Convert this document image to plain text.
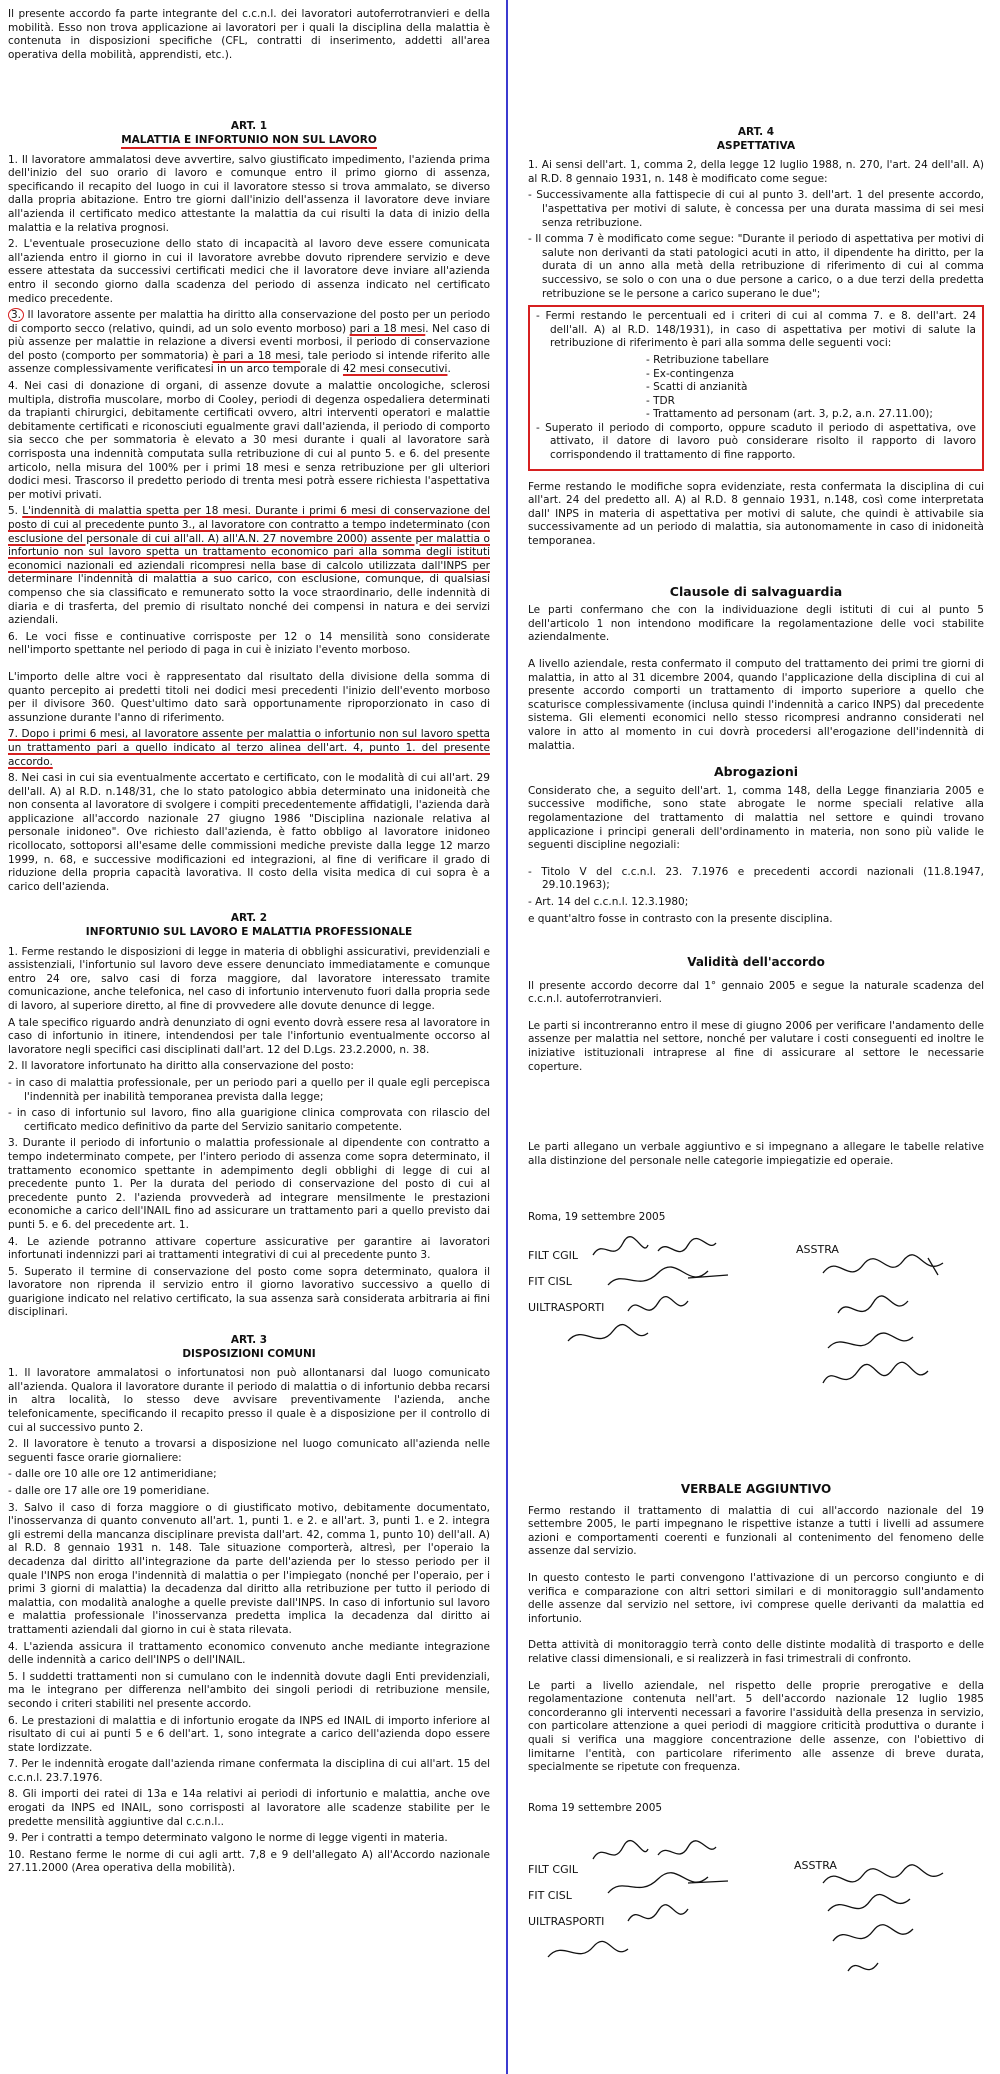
Il presente accordo fa parte integrante del c.c.n.l. dei lavoratori autoferrotranvieri e della mobilità. Esso non trova applicazione ai lavoratori per i quali la disciplina della malattia è contenuta in disposizioni specifiche (CFL, contratti di inserimento, addetti all'area operativa della mobilità, apprendisti, etc.).

ART. 1
MALATTIA E INFORTUNIO NON SUL LAVORO

1. Il lavoratore ammalatosi deve avvertire, salvo giustificato impedimento, l'azienda prima dell'inizio del suo orario di lavoro e comunque entro il primo giorno di assenza, specificando il recapito del luogo in cui il lavoratore stesso si trova ammalato, se diverso dalla propria abitazione. Entro tre giorni dall'inizio dell'assenza il lavoratore deve inviare all'azienda il certificato medico attestante la malattia da cui risulti la data di inizio della malattia e la relativa prognosi.

2. L'eventuale prosecuzione dello stato di incapacità al lavoro deve essere comunicata all'azienda entro il giorno in cui il lavoratore avrebbe dovuto riprendere servizio e deve essere attestata da successivi certificati medici che il lavoratore deve inviare all'azienda entro il secondo giorno dalla scadenza del periodo di assenza indicato nel certificato medico precedente.

3. Il lavoratore assente per malattia ha diritto alla conservazione del posto per un periodo di comporto secco (relativo, quindi, ad un solo evento morboso) pari a 18 mesi. Nel caso di più assenze per malattie in relazione a diversi eventi morbosi, il periodo di conservazione del posto (comporto per sommatoria) è pari a 18 mesi, tale periodo si intende riferito alle assenze complessivamente verificatesi in un arco temporale di 42 mesi consecutivi.

4. Nei casi di donazione di organi, di assenze dovute a malattie oncologiche, sclerosi multipla, distrofia muscolare, morbo di Cooley, periodi di degenza ospedaliera determinati da trapianti chirurgici, debitamente certificati ovvero, altri interventi operatori e malattie debitamente certificati e riconosciuti egualmente gravi dall'azienda, il periodo di comporto sia secco che per sommatoria è elevato a 30 mesi durante i quali al lavoratore sarà corrisposta una indennità computata sulla retribuzione di cui al punto 5. e 6. del presente articolo, nella misura del 100% per i primi 18 mesi e senza retribuzione per gli ulteriori dodici mesi. Trascorso il predetto periodo di trenta mesi potrà essere richiesta l'aspettativa per motivi privati.

5. L'indennità di malattia spetta per 18 mesi. Durante i primi 6 mesi di conservazione del posto di cui al precedente punto 3., al lavoratore con contratto a tempo indeterminato (con esclusione del personale di cui all'all. A) all'A.N. 27 novembre 2000) assente per malattia o infortunio non sul lavoro spetta un trattamento economico pari alla somma degli istituti economici nazionali ed aziendali ricompresi nella base di calcolo utilizzata dall'INPS per determinare l'indennità di malattia a suo carico, con esclusione, comunque, di qualsiasi compenso che sia classificato e remunerato sotto la voce straordinario, delle indennità di diaria e di trasferta, del premio di risultato nonché dei compensi in natura e dei servizi aziendali.

6. Le voci fisse e continuative corrisposte per 12 o 14 mensilità sono considerate nell'importo spettante nel periodo di paga in cui è iniziato l'evento morboso.

L'importo delle altre voci è rappresentato dal risultato della divisione della somma di quanto percepito ai predetti titoli nei dodici mesi precedenti l'inizio dell'evento morboso per il divisore 360. Quest'ultimo dato sarà opportunamente riproporzionato in caso di assunzione durante l'anno di riferimento.

7. Dopo i primi 6 mesi, al lavoratore assente per malattia o infortunio non sul lavoro spetta un trattamento pari a quello indicato al terzo alinea dell'art. 4, punto 1. del presente accordo.

8. Nei casi in cui sia eventualmente accertato e certificato, con le modalità di cui all'art. 29 dell'all. A) al R.D. n.148/31, che lo stato patologico abbia determinato una inidoneità che non consenta al lavoratore di svolgere i compiti precedentemente affidatigli, l'azienda darà applicazione all'accordo nazionale 27 giugno 1986 "Disciplina nazionale relativa al personale inidoneo". Ove richiesto dall'azienda, è fatto obbligo al lavoratore inidoneo ricollocato, sottoporsi all'esame delle commissioni mediche previste dalla legge 12 marzo 1999, n. 68, e successive modificazioni ed integrazioni, al fine di verificare il grado di riduzione della propria capacità lavorativa. Il costo della visita medica di cui sopra è a carico dell'azienda.

ART. 2
INFORTUNIO SUL LAVORO E MALATTIA PROFESSIONALE

1. Ferme restando le disposizioni di legge in materia di obblighi assicurativi, previdenziali e assistenziali, l'infortunio sul lavoro deve essere denunciato immediatamente e comunque entro 24 ore, salvo casi di forza maggiore, dal lavoratore interessato tramite comunicazione, anche telefonica, nel caso di infortunio intervenuto fuori dalla propria sede di lavoro, al superiore diretto, al fine di provvedere alle dovute denunce di legge.

A tale specifico riguardo andrà denunziato di ogni evento dovrà essere resa al lavoratore in caso di infortunio in itinere, intendendosi per tale l'infortunio eventualmente occorso al lavoratore negli specifici casi disciplinati dall'art. 12 del D.Lgs. 23.2.2000, n. 38.

2. Il lavoratore infortunato ha diritto alla conservazione del posto:

- in caso di malattia professionale, per un periodo pari a quello per il quale egli percepisca l'indennità per inabilità temporanea prevista dalla legge;

- in caso di infortunio sul lavoro, fino alla guarigione clinica comprovata con rilascio del certificato medico definitivo da parte del Servizio sanitario competente.

3. Durante il periodo di infortunio o malattia professionale al dipendente con contratto a tempo indeterminato compete, per l'intero periodo di assenza come sopra determinato, il trattamento economico spettante in adempimento degli obblighi di legge di cui al precedente punto 1. Per la durata del periodo di conservazione del posto di cui al precedente punto 2. l'azienda provvederà ad integrare mensilmente le prestazioni economiche a carico dell'INAIL fino ad assicurare un trattamento pari a quello previsto dai punti 5. e 6. del precedente art. 1.

4. Le aziende potranno attivare coperture assicurative per garantire ai lavoratori infortunati indennizzi pari ai trattamenti integrativi di cui al precedente punto 3.

5. Superato il termine di conservazione del posto come sopra determinato, qualora il lavoratore non riprenda il servizio entro il giorno lavorativo successivo a quello di guarigione indicato nel relativo certificato, la sua assenza sarà considerata arbitraria ai fini disciplinari.

ART. 3
DISPOSIZIONI COMUNI

1. Il lavoratore ammalatosi o infortunatosi non può allontanarsi dal luogo comunicato all'azienda. Qualora il lavoratore durante il periodo di malattia o di infortunio debba recarsi in altra località, lo stesso deve avvisare preventivamente l'azienda, anche telefonicamente, specificando il recapito presso il quale è a disposizione per il controllo di cui al successivo punto 2.

2. Il lavoratore è tenuto a trovarsi a disposizione nel luogo comunicato all'azienda nelle seguenti fasce orarie giornaliere:

- dalle ore 10 alle ore 12 antimeridiane;

- dalle ore 17 alle ore 19 pomeridiane.

3. Salvo il caso di forza maggiore o di giustificato motivo, debitamente documentato, l'inosservanza di quanto convenuto all'art. 1, punti 1. e 2. e all'art. 3, punti 1. e 2. integra gli estremi della mancanza disciplinare prevista dall'art. 42, comma 1, punto 10) dell'all. A) al R.D. 8 gennaio 1931 n. 148. Tale situazione comporterà, altresì, per l'operaio la decadenza dal diritto all'integrazione da parte dell'azienda per lo stesso periodo per il quale l'INPS non eroga l'indennità di malattia o per l'impiegato (nonché per l'operaio, per i primi 3 giorni di malattia) la decadenza dal diritto alla retribuzione per tutto il periodo di malattia, con modalità analoghe a quelle previste dall'INPS. In caso di infortunio sul lavoro e malattia professionale l'inosservanza predetta implica la decadenza dal diritto ai trattamenti aziendali dal giorno in cui è stata rilevata.

4. L'azienda assicura il trattamento economico convenuto anche mediante integrazione delle indennità a carico dell'INPS o dell'INAIL.

5. I suddetti trattamenti non si cumulano con le indennità dovute dagli Enti previdenziali, ma le integrano per differenza nell'ambito dei singoli periodi di retribuzione mensile, secondo i criteri stabiliti nel presente accordo.

6. Le prestazioni di malattia e di infortunio erogate da INPS ed INAIL di importo inferiore al risultato di cui ai punti 5 e 6 dell'art. 1, sono integrate a carico dell'azienda dopo essere state lordizzate.

7. Per le indennità erogate dall'azienda rimane confermata la disciplina di cui all'art. 15 del c.c.n.l. 23.7.1976.

8. Gli importi dei ratei di 13a e 14a relativi ai periodi di infortunio e malattia, anche ove erogati da INPS ed INAIL, sono corrisposti al lavoratore alle scadenze stabilite per le predette mensilità aggiuntive dal c.c.n.l..

9. Per i contratti a tempo determinato valgono le norme di legge vigenti in materia.

10. Restano ferme le norme di cui agli artt. 7,8 e 9 dell'allegato A) all'Accordo nazionale 27.11.2000 (Area operativa della mobilità).

ART. 4
ASPETTATIVA

1. Ai sensi dell'art. 1, comma 2, della legge 12 luglio 1988, n. 270, l'art. 24 dell'all. A) al R.D. 8 gennaio 1931, n. 148 è modificato come segue:

- Successivamente alla fattispecie di cui al punto 3. dell'art. 1 del presente accordo, l'aspettativa per motivi di salute, è concessa per una durata massima di sei mesi senza retribuzione.

- Il comma 7 è modificato come segue: "Durante il periodo di aspettativa per motivi di salute non derivanti da stati patologici acuti in atto, il dipendente ha diritto, per la durata di un anno alla metà della retribuzione di riferimento di cui al comma successivo, se solo o con una o due persone a carico, o a due terzi della predetta retribuzione se le persone a carico superano le due";

- Fermi restando le percentuali ed i criteri di cui al comma 7. e 8. dell'art. 24 dell'all. A) al R.D. 148/1931), in caso di aspettativa per motivi di salute la retribuzione di riferimento è pari alla somma delle seguenti voci:

- Retribuzione tabellare

- Ex-contingenza

- Scatti di anzianità

- TDR

- Trattamento ad personam (art. 3, p.2, a.n. 27.11.00);

- Superato il periodo di comporto, oppure scaduto il periodo di aspettativa, ove attivato, il datore di lavoro può considerare risolto il rapporto di lavoro corrispondendo il trattamento di fine rapporto.

Ferme restando le modifiche sopra evidenziate, resta confermata la disciplina di cui all'art. 24 del predetto all. A) al R.D. 8 gennaio 1931, n.148, così come interpretata dall' INPS in materia di aspettativa per motivi di salute, che quindi è attivabile sia successivamente ad un periodo di malattia, sia autonomamente in caso di inidoneità temporanea.

Clausole di salvaguardia

Le parti confermano che con la individuazione degli istituti di cui al punto 5 dell'articolo 1 non intendono modificare la regolamentazione delle voci stabilite aziendalmente.

A livello aziendale, resta confermato il computo del trattamento dei primi tre giorni di malattia, in atto al 31 dicembre 2004, quando l'applicazione della disciplina di cui al presente accordo comporti un trattamento di importo superiore a quello che scaturisce complessivamente (inclusa quindi l'indennità a carico INPS) dal precedente sistema. Gli elementi economici nello stesso ricompresi andranno considerati nel valore in atto al momento in cui dovrà procedersi all'erogazione dell'indennità di malattia.

Abrogazioni

Considerato che, a seguito dell'art. 1, comma 148, della Legge finanziaria 2005 e successive modifiche, sono state abrogate le norme speciali relative alla regolamentazione del trattamento di malattia nel settore e quindi trovano applicazione i principi generali dell'ordinamento in materia, non sono più valide le seguenti discipline negoziali:

- Titolo V del c.c.n.l. 23. 7.1976 e precedenti accordi nazionali (11.8.1947, 29.10.1963);

- Art. 14 del c.c.n.l. 12.3.1980;

e quant'altro fosse in contrasto con la presente disciplina.

Validità dell'accordo

Il presente accordo decorre dal 1° gennaio 2005 e segue la naturale scadenza del c.c.n.l. autoferrotranvieri.

Le parti si incontreranno entro il mese di giugno 2006 per verificare l'andamento delle assenze per malattia nel settore, nonché per valutare i costi conseguenti ed inoltre le iniziative istituzionali intraprese al fine di assicurare al settore le necessarie coperture.

Le parti allegano un verbale aggiuntivo e si impegnano a allegare le tabelle relative alla distinzione del personale nelle categorie impiegatizie ed operaie.

Roma, 19 settembre 2005

FILT CGIL
FIT CISL
UILTRASPORTI
ASSTRA
VERBALE AGGIUNTIVO

Fermo restando il trattamento di malattia di cui all'accordo nazionale del 19 settembre 2005, le parti impegnano le rispettive istanze a tutti i livelli ad assumere azioni e comportamenti coerenti e funzionali al contenimento del fenomeno delle assenze dal servizio.

In questo contesto le parti convengono l'attivazione di un percorso congiunto e di verifica e comparazione con altri settori similari e di monitoraggio sull'andamento delle assenze dal servizio nel settore, ivi comprese quelle derivanti da malattia ed infortunio.

Detta attività di monitoraggio terrà conto delle distinte modalità di trasporto e delle relative classi dimensionali, e si realizzerà in fasi trimestrali di confronto.

Le parti a livello aziendale, nel rispetto delle proprie prerogative e della regolamentazione contenuta nell'art. 5 dell'accordo nazionale 12 luglio 1985 concorderanno gli interventi necessari a favorire l'assiduità della presenza in servizio, con particolare attenzione a quei periodi di maggiore criticità produttiva o durante i quali si verifica una maggiore concentrazione delle assenze, con l'obiettivo di limitarne l'entità, con particolare riferimento alle assenze di breve durata, specialmente se ripetute con frequenza.

Roma 19 settembre 2005

FILT CGIL
FIT CISL
UILTRASPORTI
ASSTRA
